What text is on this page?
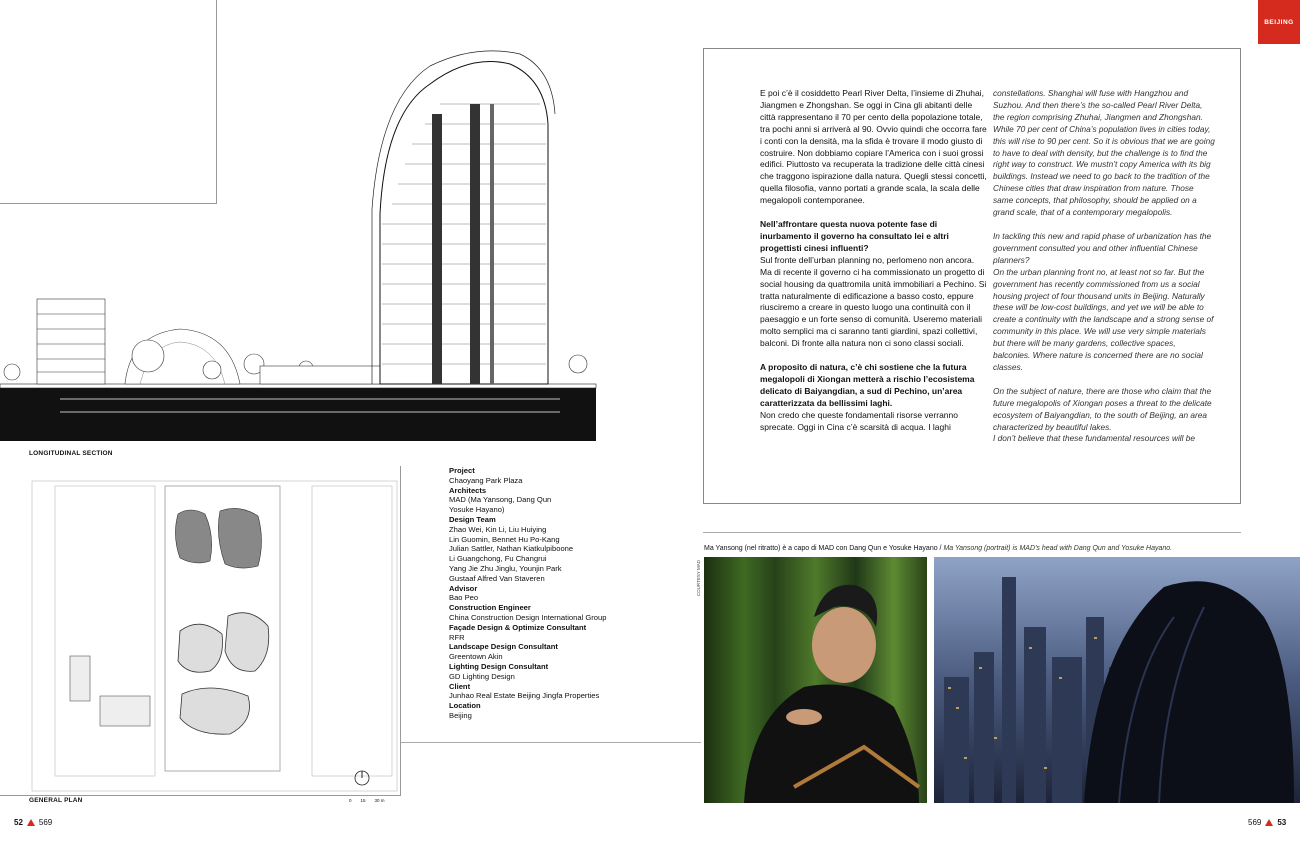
LONGITUDINAL SECTION
0 15 30 m
GENERAL PLAN
Project
Chaoyang Park Plaza
Architects
MAD (Ma Yansong, Dang Qun
Yosuke Hayano)
Design Team
Zhao Wei, Kin Li, Liu Huiying
Lin Guomin, Bennet Hu Po-Kang
Julian Sattler, Nathan Kiatkulpiboone
Li Guangchong, Fu Changrui
Yang Jie Zhu Jinglu, Younjin Park
Gustaaf Alfred Van Staveren
Advisor
Bao Peo
Construction Engineer
China Construction Design International Group
Façade Design & Optimize Consultant
RFR
Landscape Design Consultant
Greentown Akin
Lighting Design Consultant
GD Lighting Design
Client
Junhao Real Estate Beijing Jingfa Properties
Location
Beijing
BEIJING

E poi c’è il cosiddetto Pearl River Delta, l’insieme di Zhuhai, Jiangmen e Zhongshan. Se oggi in Cina gli abitanti delle città rappresentano il 70 per cento della popolazione totale, tra pochi anni si arriverà al 90. Ovvio quindi che occorra fare i conti con la densità, ma la sfida è trovare il modo giusto di costruire. Non dobbiamo copiare l’America con i suoi grossi edifici. Piuttosto va recuperata la tradizione delle città cinesi che traggono ispirazione dalla natura. Quegli stessi concetti, quella filosofia, vanno portati a grande scala, la scala delle megalopoli contemporanee.

Nell’affrontare questa nuova potente fase di inurbamento il governo ha consultato lei e altri progettisti cinesi influenti?

Sul fronte dell’urban planning no, perlomeno non ancora. Ma di recente il governo ci ha commissionato un progetto di social housing da quattromila unità immobiliari a Pechino. Si tratta naturalmente di edificazione a basso costo, eppure riusciremo a creare in questo luogo una continuità con il paesaggio e un forte senso di comunità. Useremo materiali molto semplici ma ci saranno tanti giardini, spazi collettivi, balconi. Di fronte alla natura non ci sono classi sociali.

A proposito di natura, c’è chi sostiene che la futura megalopoli di Xiongan metterà a rischio l’ecosistema delicato di Baiyangdian, a sud di Pechino, un’area caratterizzata da bellissimi laghi.

Non credo che queste fondamentali risorse verranno sprecate. Oggi in Cina c’è scarsità di acqua. I laghi

constellations. Shanghai will fuse with Hangzhou and Suzhou. And then there’s the so-called Pearl River Delta, the region comprising Zhuhai, Jiangmen and Zhongshan. While 70 per cent of China’s population lives in cities today, this will rise to 90 per cent. So it is obvious that we are going to have to deal with density, but the challenge is to find the right way to construct. We mustn’t copy America with its big buildings. Instead we need to go back to the tradition of the Chinese cities that draw inspiration from nature. Those same concepts, that philosophy, should be applied on a grand scale, that of a contemporary megalopolis.

In tackling this new and rapid phase of urbanization has the government consulted you and other influential Chinese planners?

On the urban planning front no, at least not so far. But the government has recently commissioned from us a social housing project of four thousand units in Beijing. Naturally these will be low-cost buildings, and yet we will be able to create a continuity with the landscape and a strong sense of community in this place. We will use very simple materials but there will be many gardens, collective spaces, balconies. Where nature is concerned there are no social classes.

On the subject of nature, there are those who claim that the future megalopolis of Xiongan poses a threat to the delicate ecosystem of Baiyangdian, to the south of Beijing, an area characterized by beautiful lakes.

I don’t believe that these fundamental resources will be

Ma Yansong (nel ritratto) è a capo di MAD con Dang Qun e Yosuke Hayano / Ma Yansong (portrait) is MAD’s head with Dang Qun and Yosuke Hayano.
COURTESY MAD
52 569	569 53
